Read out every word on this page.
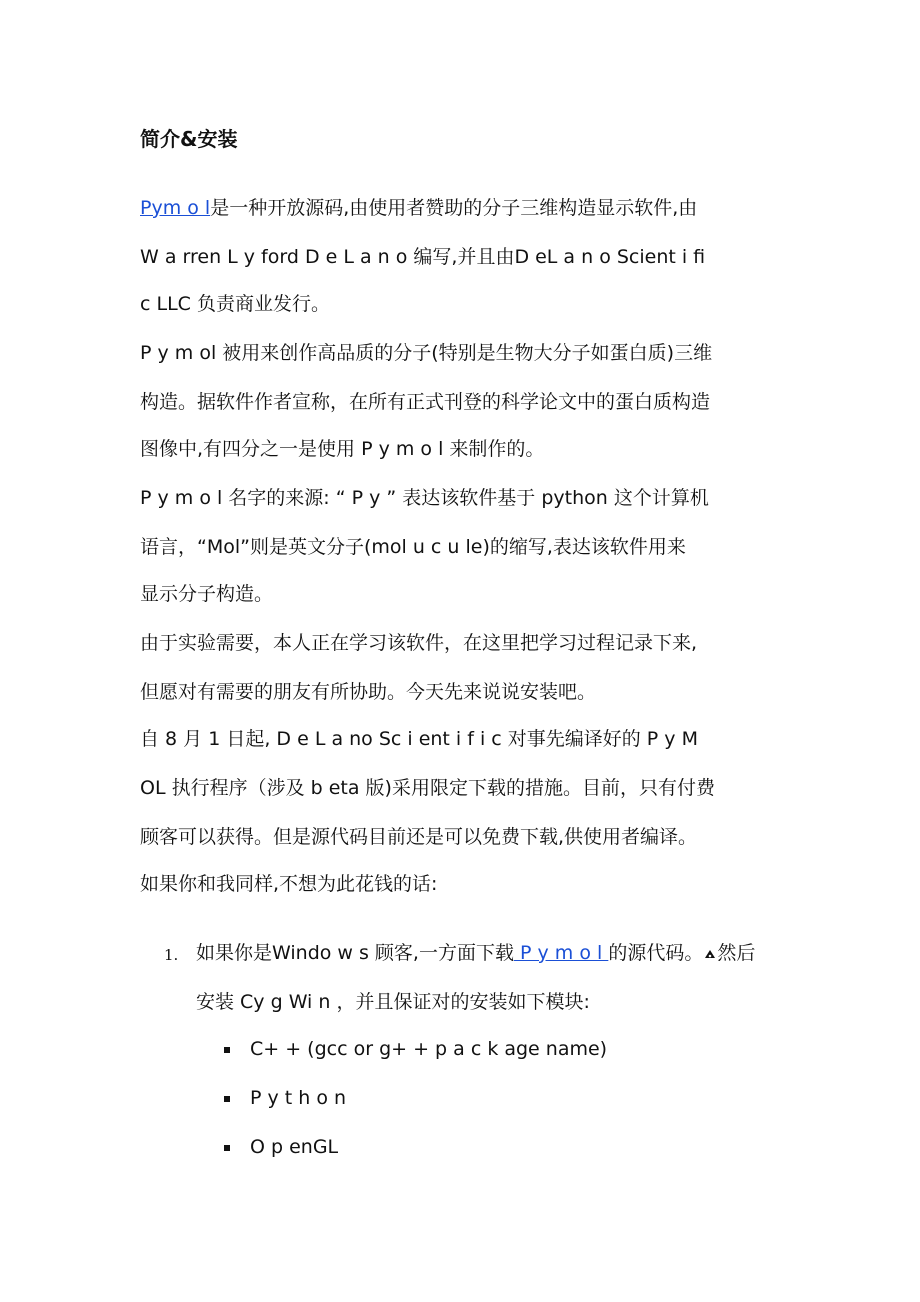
简介&安装
Pym o l是一种开放源码,由使用者赞助的分子三维构造显示软件,由
W a rren L y ford D e L a n o 编写,并且由D eL a n o Scient i fi
c LLC 负责商业发行。
P y m ol 被用来创作高品质的分子(特别是生物大分子如蛋白质)三维
构造。据软件作者宣称，在所有正式刊登的科学论文中的蛋白质构造
图像中,有四分之一是使用 P y m o l 来制作的。
P y m o l 名字的来源: “ P y ” 表达该软件基于 python 这个计算机
语言，“Mol”则是英文分子(mol u c u le)的缩写,表达该软件用来
显示分子构造。
由于实验需要，本人正在学习该软件，在这里把学习过程记录下来,
但愿对有需要的朋友有所协助。今天先来说说安装吧。
自 8 月 1 日起, D e L a no Sc i ent i f i c 对事先编译好的 P y M
OL 执行程序（涉及 b eta 版)采用限定下载的措施。目前，只有付费
顾客可以获得。但是源代码目前还是可以免费下载,供使用者编译。
如果你和我同样,不想为此花钱的话:
1. 如果你是Windo w s 顾客,一方面下载 P y m o l 的源代码。 然后
安装 Cy g Wi n ，并且保证对的安装如下模块:
C+ + (gcc or g+ + p a c k age name)
P y t h o n
O p enGL
